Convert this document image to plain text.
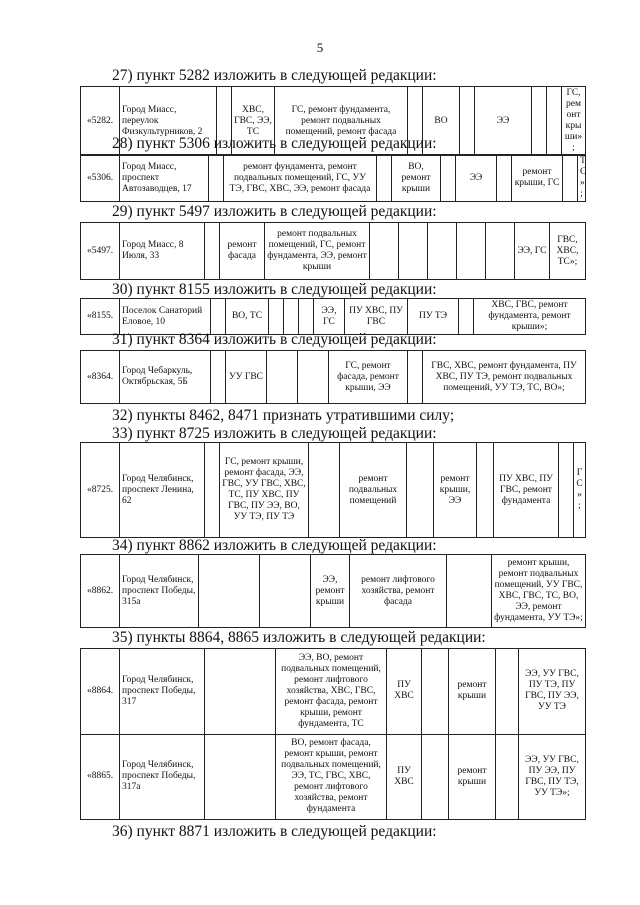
5
27) пункт 5282 изложить в следующей редакции:
«5282.	Город Миасс, переулок Физкультурников, 2		ХВС, ГВС, ЭЭ, ТС	ГС, ремонт фундамента, ремонт подвальных помещений, ремонт фасада		ВО		ЭЭ			ГС, ремонт крыши»;
28) пункт 5306 изложить в следующей редакции:
«5306.	Город Миасс, проспект Автозаводцев, 17		ремонт фундамента, ремонт подвальных помещений, ГС, УУ ТЭ, ГВС, ХВС, ЭЭ, ремонт фасада		ВО, ремонт крыши		ЭЭ		ремонт крыши, ГС		ТС»;
29) пункт 5497 изложить в следующей редакции:
«5497.	Город Миасс, 8 Июля, 33		ремонт фасада	ремонт подвальных помещений, ГС, ремонт фундамента, ЭЭ, ремонт крыши						ЭЭ, ГС	ГВС, ХВС, ТС»;
30) пункт 8155 изложить в следующей редакции:
«8155.	Поселок Санаторий Еловое, 10		ВО, ТС				ЭЭ, ГС	ПУ ХВС, ПУ ГВС	ПУ ТЭ		ХВС, ГВС, ремонт фундамента, ремонт крыши»;
31) пункт 8364 изложить в следующей редакции:
«8364.	Город Чебаркуль, Октябрьская, 5Б		УУ ГВС			ГС, ремонт фасада, ремонт крыши, ЭЭ		ГВС, ХВС, ремонт фундамента, ПУ ХВС, ПУ ТЭ, ремонт подвальных помещений, УУ ТЭ, ТС, ВО»;
32) пункты 8462, 8471 признать утратившими силу;
33) пункт 8725 изложить в следующей редакции:
«8725.	Город Челябинск, проспект Ленина, 62		ГС, ремонт крыши, ремонт фасада, ЭЭ, ГВС, УУ ГВС, ХВС, ТС, ПУ ХВС, ПУ ГВС, ПУ ЭЭ, ВО, УУ ТЭ, ПУ ТЭ		ремонт подвальных помещений		ремонт крыши, ЭЭ		ПУ ХВС, ПУ ГВС, ремонт фундамента		ГС»;
34) пункт 8862 изложить в следующей редакции:
«8862.	Город Челябинск, проспект Победы, 315а			ЭЭ, ремонт крыши	ремонт лифтового хозяйства, ремонт фасада		ремонт крыши, ремонт подвальных помещений, УУ ГВС, ХВС, ГВС, ТС, ВО, ЭЭ, ремонт фундамента, УУ ТЭ»;
35) пункты 8864, 8865 изложить в следующей редакции:
«8864.	Город Челябинск, проспект Победы, 317		ЭЭ, ВО, ремонт подвальных помещений, ремонт лифтового хозяйства, ХВС, ГВС, ремонт фасада, ремонт крыши, ремонт фундамента, ТС	ПУ ХВС		ремонт крыши		ЭЭ, УУ ГВС, ПУ ТЭ, ПУ ГВС, ПУ ЭЭ, УУ ТЭ
«8865.	Город Челябинск, проспект Победы, 317а		ВО, ремонт фасада, ремонт крыши, ремонт подвальных помещений, ЭЭ, ТС, ГВС, ХВС, ремонт лифтового хозяйства, ремонт фундамента	ПУ ХВС		ремонт крыши		ЭЭ, УУ ГВС, ПУ ЭЭ, ПУ ГВС, ПУ ТЭ, УУ ТЭ»;
36) пункт 8871 изложить в следующей редакции:
